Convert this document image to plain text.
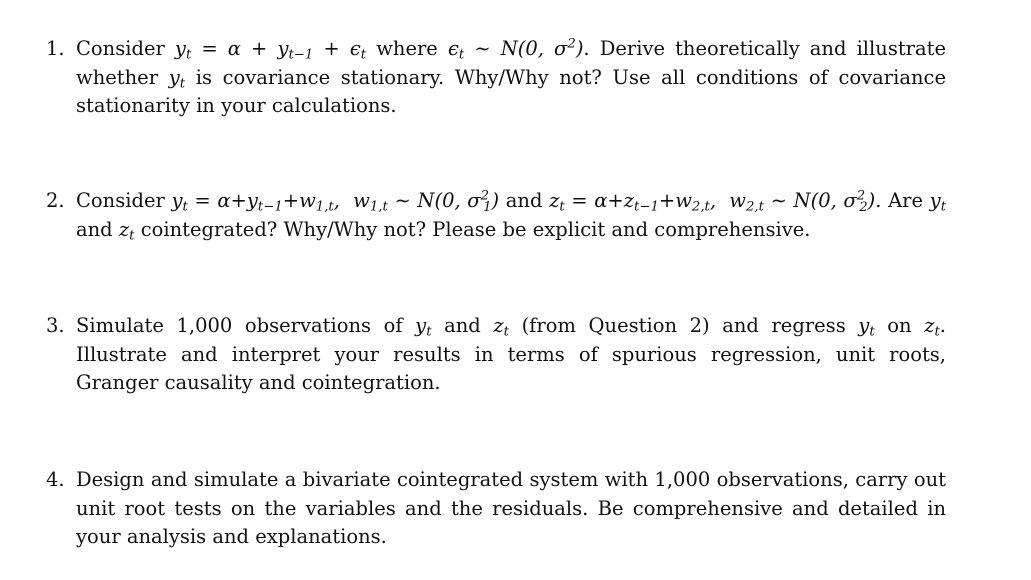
1. Consider $y_t = \alpha + y_{t-1} + \epsilon_t$ where $\epsilon_t$ ∼ N(0, $\sigma^2$). Derive theoretically and illustrate whether $y_t$ is covariance stationary. Why/Why not? Use all conditions of covariance stationarity in your calculations.
2. Consider $y_t = \alpha+y_{t-1}+w_{1,t}$,  $w_{1,t}$ ∼ N(0, $\sigma^2_1$) and $z_t = \alpha+z_{t-1}+w_{2,t}$,  $w_{2,t}$ ∼ N(0, $\sigma^2_2$). Are $y_t$ and $z_t$ cointegrated? Why/Why not? Please be explicit and comprehensive.
3. Simulate 1,000 observations of $y_t$ and $z_t$ (from Question 2) and regress $y_t$ on $z_t$. Illustrate and interpret your results in terms of spurious regression, unit roots, Granger causality and cointegration.
4. Design and simulate a bivariate cointegrated system with 1,000 observations, carry out unit root tests on the variables and the residuals. Be comprehensive and detailed in your analysis and explanations.
